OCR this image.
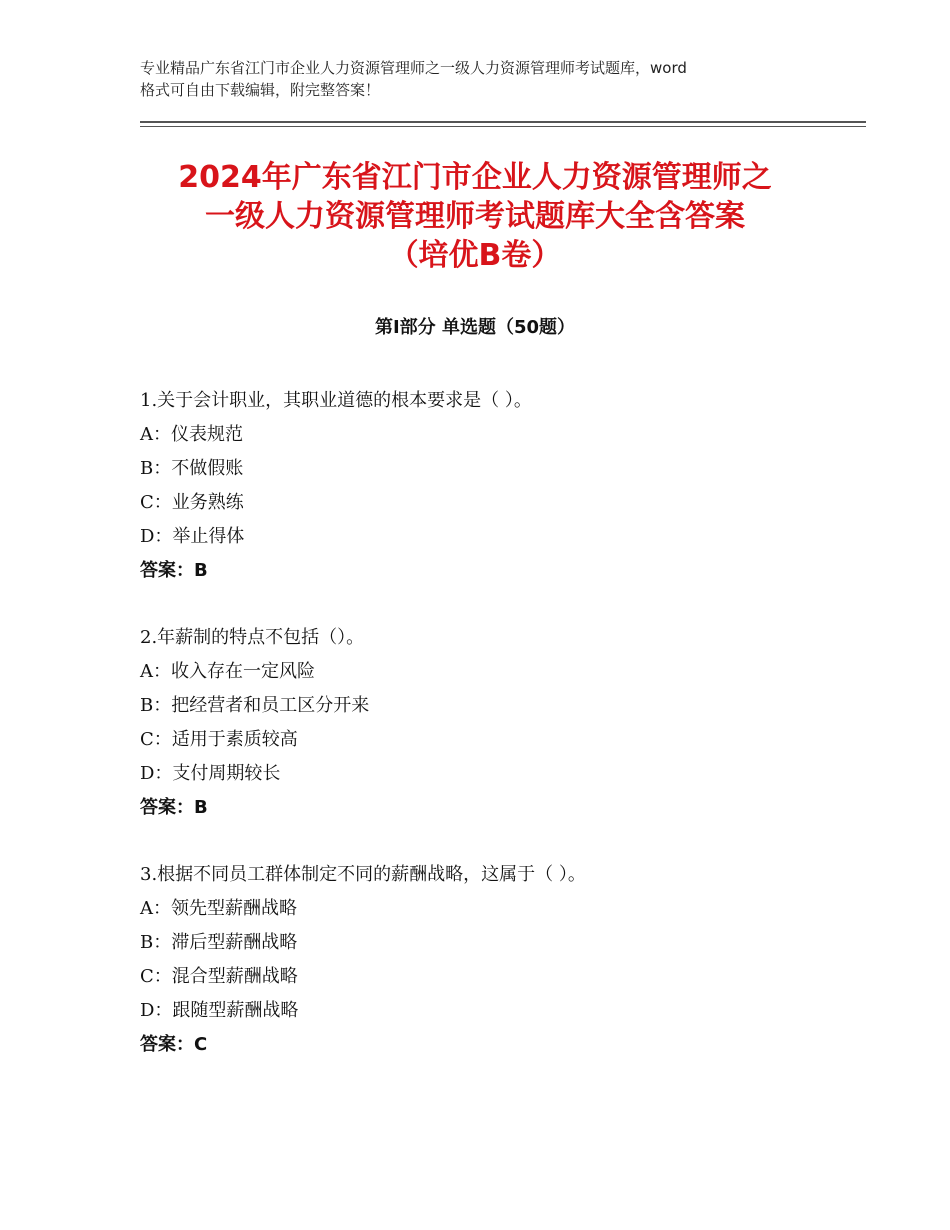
专业精品广东省江门市企业人力资源管理师之一级人力资源管理师考试题库，word
格式可自由下载编辑，附完整答案！
2024年广东省江门市企业人力资源管理师之
一级人力资源管理师考试题库大全含答案
（培优B卷）
第Ⅰ部分 单选题（50题）
1.关于会计职业，其职业道德的根本要求是（ ）。
A：仪表规范
B：不做假账
C：业务熟练
D：举止得体
答案：B
2.年薪制的特点不包括（）。
A：收入存在一定风险
B：把经营者和员工区分开来
C：适用于素质较高
D：支付周期较长
答案：B
3.根据不同员工群体制定不同的薪酬战略，这属于（ ）。
A：领先型薪酬战略
B：滞后型薪酬战略
C：混合型薪酬战略
D：跟随型薪酬战略
答案：C
